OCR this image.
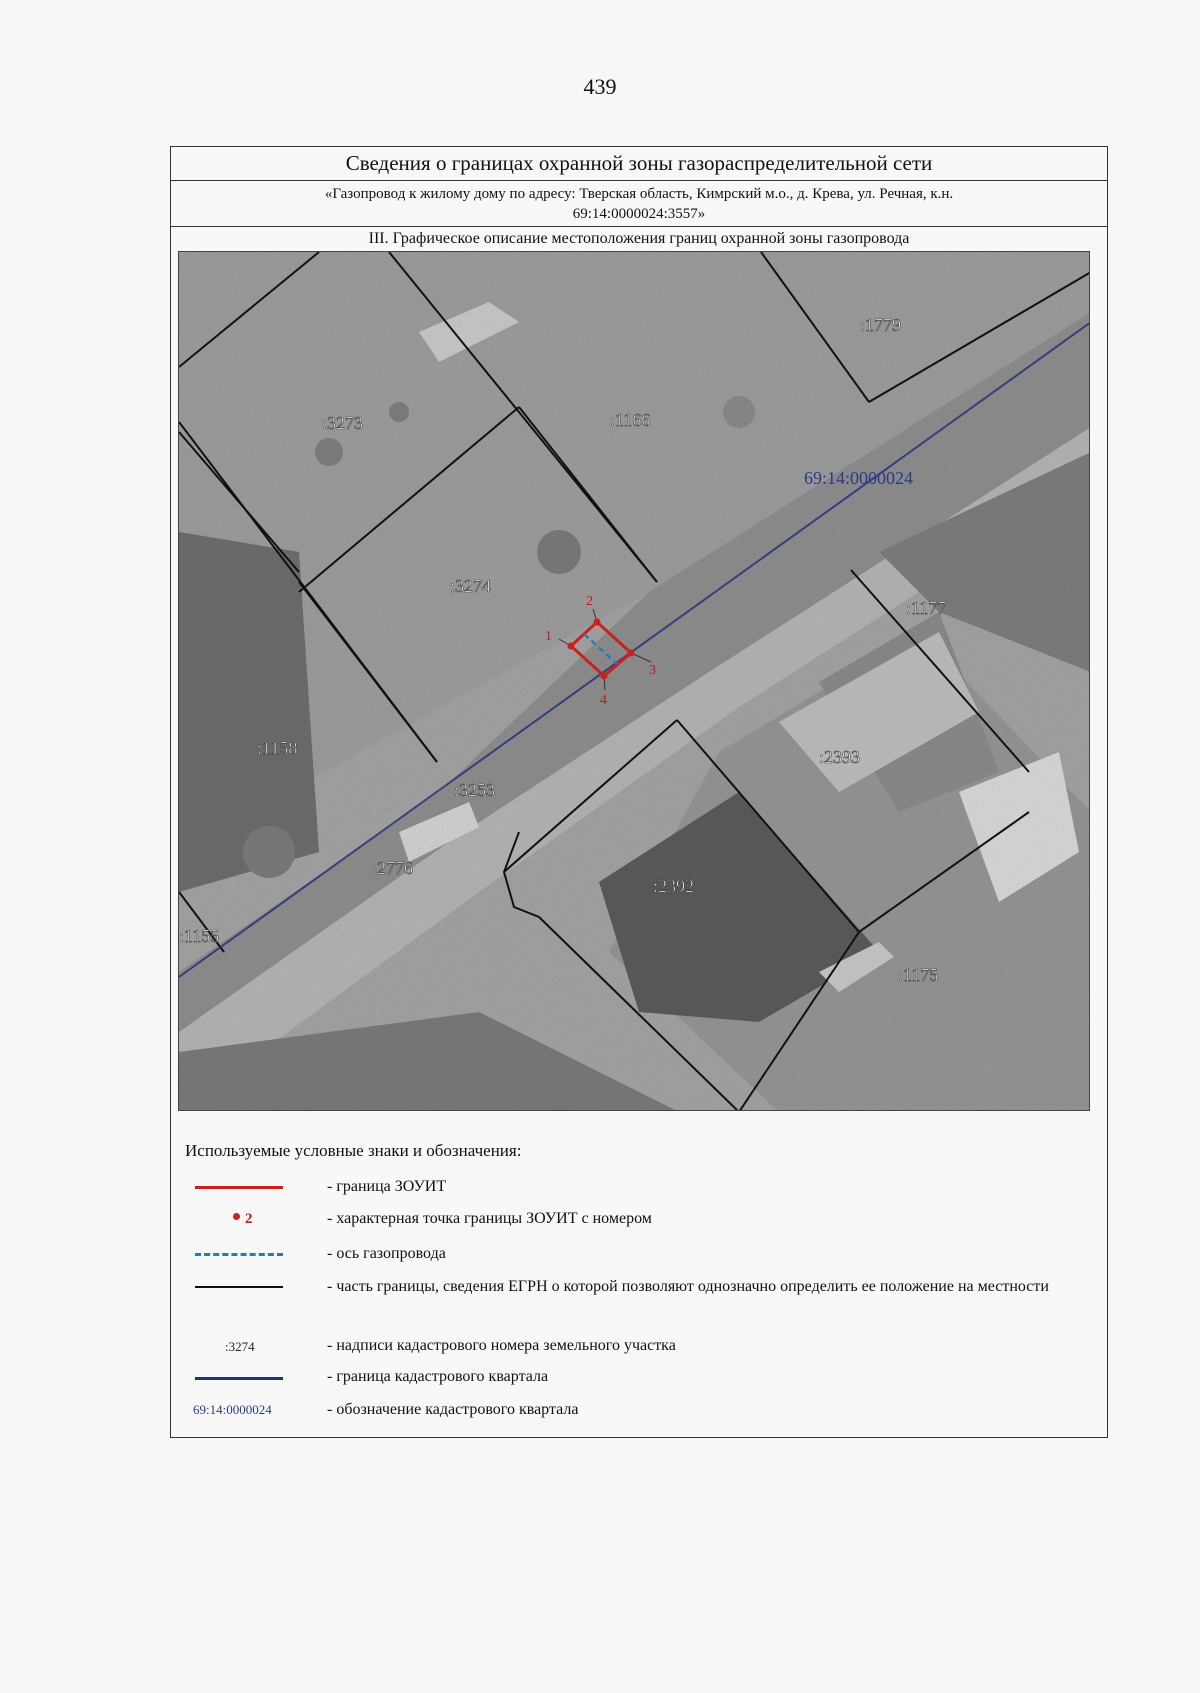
439
Сведения о границах охранной зоны газораспределительной сети
«Газопровод к жилому дому по адресу: Тверская область, Кимрский м.о., д. Крева, ул. Речная, к.н.
69:14:0000024:3557»
III. Графическое описание местоположения границ охранной зоны газопровода
1
2
3
4
:1779
:3273	:1166
:3274
:1177
:1158	:2393
:3253
:2776
:2392
:1155
:1175
69:14:0000024
Используемые условные знаки и обозначения:
- граница ЗОУИТ
2	- характерная точка границы ЗОУИТ с номером
- ось газопровода
- часть границы, сведения ЕГРН о которой позволяют однозначно определить ее положение на местности
:3274	- надписи кадастрового номера земельного участка
- граница кадастрового квартала
69:14:0000024	- обозначение кадастрового квартала
